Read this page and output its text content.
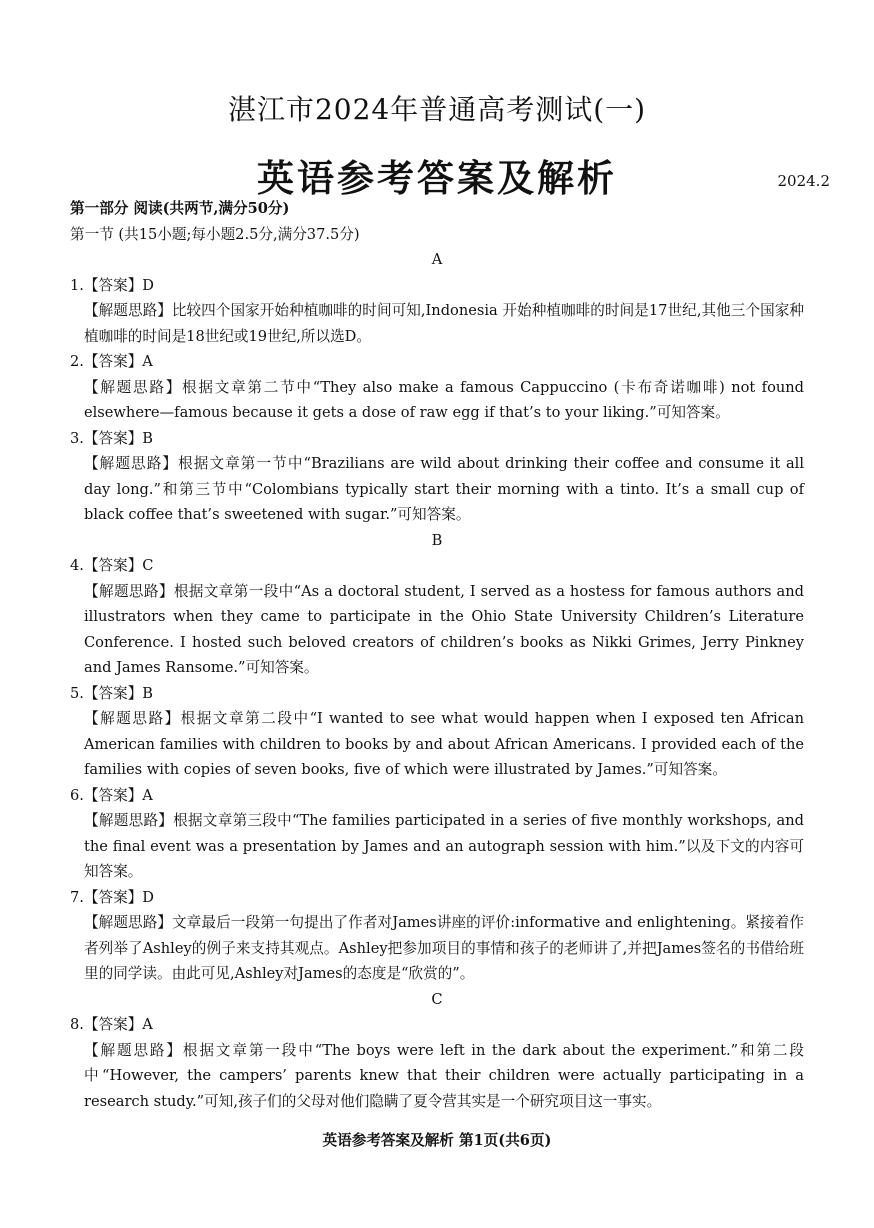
湛江市2024年普通高考测试(一)
英语参考答案及解析	2024.2

第一部分 阅读(共两节,满分50分)

第一节 (共15小题;每小题2.5分,满分37.5分)

A

1.【答案】D

【解题思路】比较四个国家开始种植咖啡的时间可知,Indonesia 开始种植咖啡的时间是17世纪,其他三个国家种植咖啡的时间是18世纪或19世纪,所以选D。

2.【答案】A

【解题思路】根据文章第二节中“They also make a famous Cappuccino (卡布奇诺咖啡) not found elsewhere—famous because it gets a dose of raw egg if that’s to your liking.”可知答案。

3.【答案】B

【解题思路】根据文章第一节中“Brazilians are wild about drinking their coffee and consume it all day long.”和第三节中“Colombians typically start their morning with a tinto. It’s a small cup of black coffee that’s sweetened with sugar.”可知答案。

B

4.【答案】C

【解题思路】根据文章第一段中“As a doctoral student, I served as a hostess for famous authors and illustrators when they came to participate in the Ohio State University Children’s Literature Conference. I hosted such beloved creators of children’s books as Nikki Grimes, Jerry Pinkney and James Ransome.”可知答案。

5.【答案】B

【解题思路】根据文章第二段中“I wanted to see what would happen when I exposed ten African American families with children to books by and about African Americans. I provided each of the families with copies of seven books, five of which were illustrated by James.”可知答案。

6.【答案】A

【解题思路】根据文章第三段中“The families participated in a series of five monthly workshops, and the final event was a presentation by James and an autograph session with him.”以及下文的内容可知答案。

7.【答案】D

【解题思路】文章最后一段第一句提出了作者对James讲座的评价:informative and enlightening。紧接着作者列举了Ashley的例子来支持其观点。Ashley把参加项目的事情和孩子的老师讲了,并把James签名的书借给班里的同学读。由此可见,Ashley对James的态度是“欣赏的”。

C

8.【答案】A

【解题思路】根据文章第一段中“The boys were left in the dark about the experiment.”和第二段中“However, the campers’ parents knew that their children were actually participating in a research study.”可知,孩子们的父母对他们隐瞒了夏令营其实是一个研究项目这一事实。

英语参考答案及解析 第1页(共6页)
